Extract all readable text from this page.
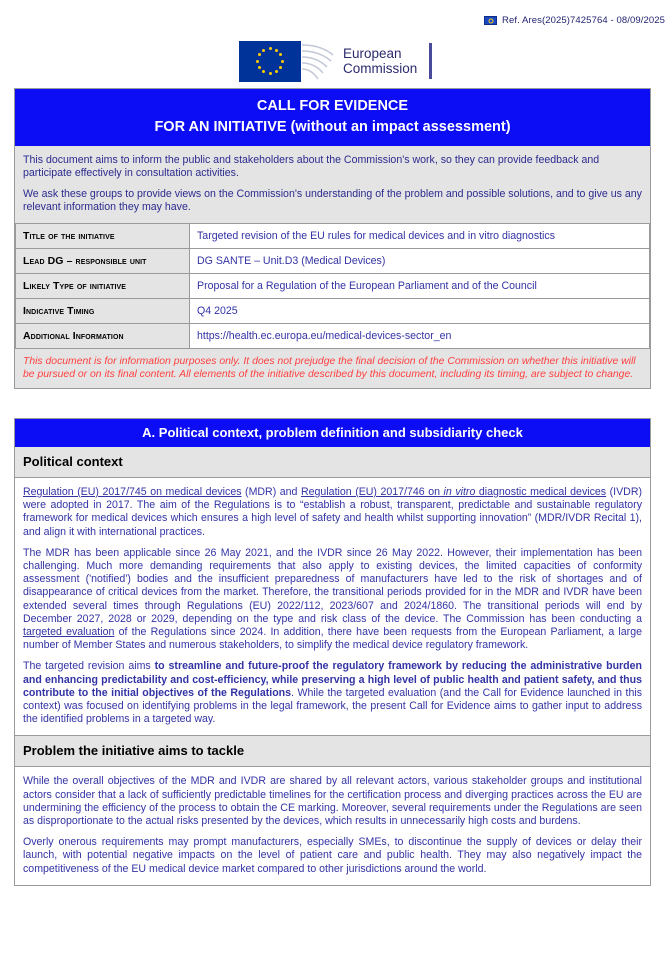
Ref. Ares(2025)7425764 - 08/09/2025
European
Commission
CALL FOR EVIDENCE
FOR AN INITIATIVE (without an impact assessment)

This document aims to inform the public and stakeholders about the Commission's work, so they can provide feedback and participate effectively in consultation activities.

We ask these groups to provide views on the Commission's understanding of the problem and possible solutions, and to give us any relevant information they may have.

Title of the initiative	Targeted revision of the EU rules for medical devices and in vitro diagnostics
Lead DG – responsible unit	DG SANTE – Unit.D3 (Medical Devices)
Likely Type of initiative	Proposal for a Regulation of the European Parliament and of the Council
Indicative Timing	Q4 2025
Additional Information	https://health.ec.europa.eu/medical-devices-sector_en
This document is for information purposes only. It does not prejudge the final decision of the Commission on whether this initiative will be pursued or on its final content. All elements of the initiative described by this document, including its timing, are subject to change.
A. Political context, problem definition and subsidiarity check
Political context

Regulation (EU) 2017/745 on medical devices (MDR) and Regulation (EU) 2017/746 on in vitro diagnostic medical devices (IVDR) were adopted in 2017. The aim of the Regulations is to “establish a robust, transparent, predictable and sustainable regulatory framework for medical devices which ensures a high level of safety and health whilst supporting innovation” (MDR/IVDR Recital 1), and align it with international practices.

The MDR has been applicable since 26 May 2021, and the IVDR since 26 May 2022. However, their implementation has been challenging. Much more demanding requirements that also apply to existing devices, the limited capacities of conformity assessment ('notified') bodies and the insufficient preparedness of manufacturers have led to the risk of shortages and of disappearance of critical devices from the market. Therefore, the transitional periods provided for in the MDR and IVDR have been extended several times through Regulations (EU) 2022/112, 2023/607 and 2024/1860. The transitional periods will end by December 2027, 2028 or 2029, depending on the type and risk class of the device. The Commission has been conducting a targeted evaluation of the Regulations since 2024. In addition, there have been requests from the European Parliament, a large number of Member States and numerous stakeholders, to simplify the medical device regulatory framework.

The targeted revision aims to streamline and future-proof the regulatory framework by reducing the administrative burden and enhancing predictability and cost-efficiency, while preserving a high level of public health and patient safety, and thus contribute to the initial objectives of the Regulations. While the targeted evaluation (and the Call for Evidence launched in this context) was focused on identifying problems in the legal framework, the present Call for Evidence aims to gather input to address the identified problems in a targeted way.

Problem the initiative aims to tackle

While the overall objectives of the MDR and IVDR are shared by all relevant actors, various stakeholder groups and institutional actors consider that a lack of sufficiently predictable timelines for the certification process and diverging practices across the EU are undermining the efficiency of the process to obtain the CE marking. Moreover, several requirements under the Regulations are seen as disproportionate to the actual risks presented by the devices, which results in unnecessarily high costs and burdens.

Overly onerous requirements may prompt manufacturers, especially SMEs, to discontinue the supply of devices or delay their launch, with potential negative impacts on the level of patient care and public health. They may also negatively impact the competitiveness of the EU medical device market compared to other jurisdictions around the world.
